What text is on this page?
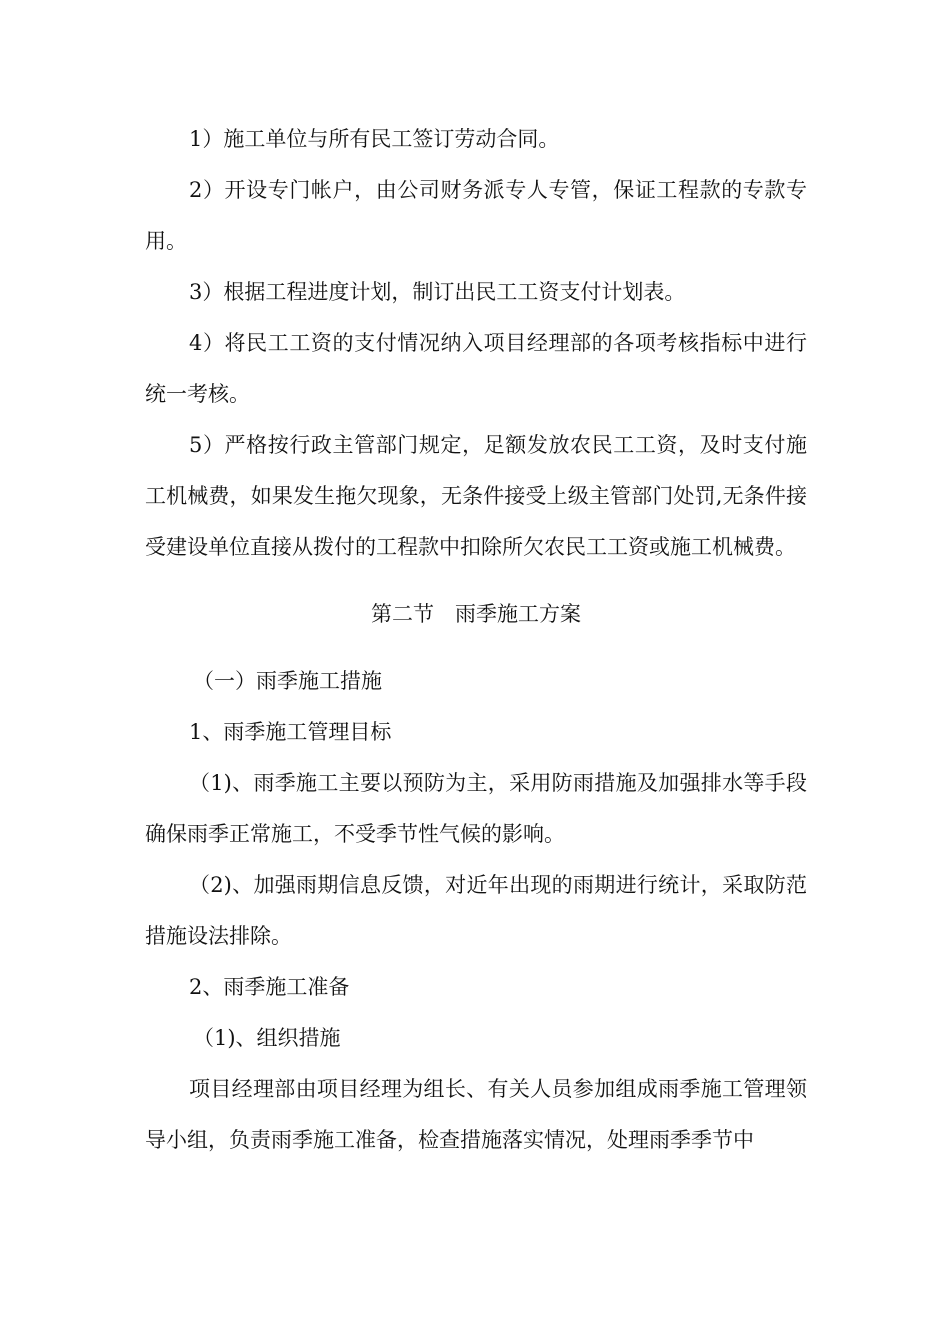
1）施工单位与所有民工签订劳动合同。

2）开设专门帐户，由公司财务派专人专管，保证工程款的专款专用。

3）根据工程进度计划，制订出民工工资支付计划表。

4）将民工工资的支付情况纳入项目经理部的各项考核指标中进行统一考核。

5）严格按行政主管部门规定，足额发放农民工工资，及时支付施工机械费，如果发生拖欠现象，无条件接受上级主管部门处罚,无条件接受建设单位直接从拨付的工程款中扣除所欠农民工工资或施工机械费。

第二节　雨季施工方案

（一）雨季施工措施

1、雨季施工管理目标

（1)、雨季施工主要以预防为主，采用防雨措施及加强排水等手段确保雨季正常施工，不受季节性气候的影响。

（2)、加强雨期信息反馈，对近年出现的雨期进行统计，采取防范措施设法排除。

2、雨季施工准备

（1)、组织措施

项目经理部由项目经理为组长、有关人员参加组成雨季施工管理领导小组，负责雨季施工准备，检查措施落实情况，处理雨季季节中
